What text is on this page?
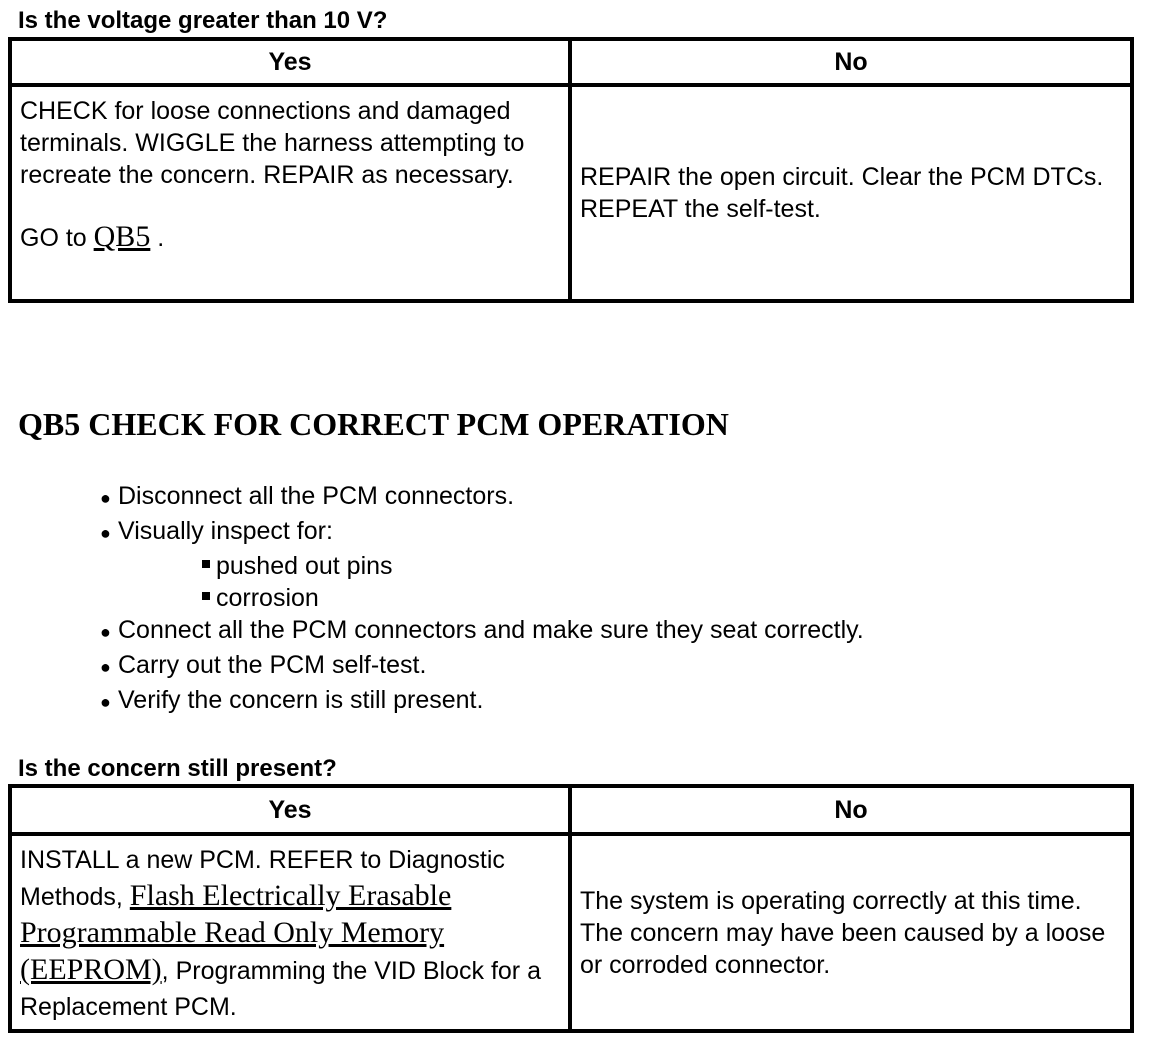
Is the voltage greater than 10 V?
Yes	No

CHECK for loose connections and damaged terminals. WIGGLE the harness attempting to recreate the concern. REPAIR as necessary.
GO to QB5 .	REPAIR the open circuit. Clear the PCM DTCs. REPEAT the self-test.
QB5 CHECK FOR CORRECT PCM OPERATION
● Disconnect all the PCM connectors.
● Visually inspect for:
pushed out pins
corrosion
● Connect all the PCM connectors and make sure they seat correctly.
● Carry out the PCM self-test.
● Verify the concern is still present.
Is the concern still present?
Yes	No
INSTALL a new PCM. REFER to Diagnostic Methods, Flash Electrically Erasable Programmable Read Only Memory (EEPROM), Programming the VID Block for a Replacement PCM.	The system is operating correctly at this time. The concern may have been caused by a loose or corroded connector.
